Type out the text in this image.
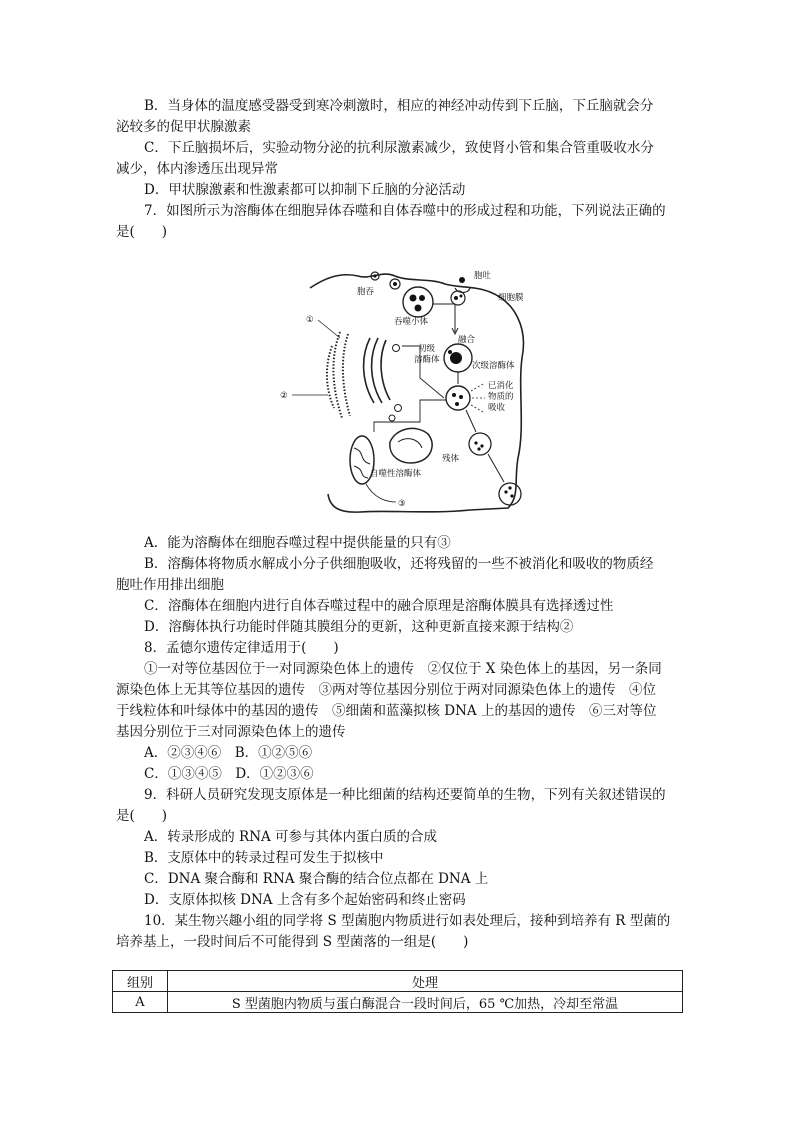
B．当身体的温度感受器受到寒冷刺激时，相应的神经冲动传到下丘脑，下丘脑就会分
泌较多的促甲状腺激素
C．下丘脑损坏后，实验动物分泌的抗利尿激素减少，致使肾小管和集合管重吸收水分
减少，体内渗透压出现异常
D．甲状腺激素和性激素都可以抑制下丘脑的分泌活动
7．如图所示为溶酶体在细胞异体吞噬和自体吞噬中的形成过程和功能，下列说法正确的
是(　　)
胞吐
胞吞
细胞膜
吞噬小体
融合
次级溶酶体
初级
溶酶体
已消化
物质的
吸收
残体
①
②
自噬性溶酶体
③
A．能为溶酶体在细胞吞噬过程中提供能量的只有③
B．溶酶体将物质水解成小分子供细胞吸收，还将残留的一些不被消化和吸收的物质经
胞吐作用排出细胞
C．溶酶体在细胞内进行自体吞噬过程中的融合原理是溶酶体膜具有选择透过性
D．溶酶体执行功能时伴随其膜组分的更新，这种更新直接来源于结构②
8．孟德尔遗传定律适用于(　　)
①一对等位基因位于一对同源染色体上的遗传　②仅位于 X 染色体上的基因，另一条同
源染色体上无其等位基因的遗传　③两对等位基因分别位于两对同源染色体上的遗传　④位
于线粒体和叶绿体中的基因的遗传　⑤细菌和蓝藻拟核 DNA 上的基因的遗传　⑥三对等位
基因分别位于三对同源染色体上的遗传
A．②③④⑥　B．①②⑤⑥
C．①③④⑤　D．①②③⑥
9．科研人员研究发现支原体是一种比细菌的结构还要简单的生物，下列有关叙述错误的
是(　　)
A．转录形成的 RNA 可参与其体内蛋白质的合成
B．支原体中的转录过程可发生于拟核中
C．DNA 聚合酶和 RNA 聚合酶的结合位点都在 DNA 上
D．支原体拟核 DNA 上含有多个起始密码和终止密码
10．某生物兴趣小组的同学将 S 型菌胞内物质进行如表处理后，接种到培养有 R 型菌的
培养基上，一段时间后不可能得到 S 型菌落的一组是(　　)
组别	处理
A	S 型菌胞内物质与蛋白酶混合一段时间后，65 ℃加热，冷却至常温
